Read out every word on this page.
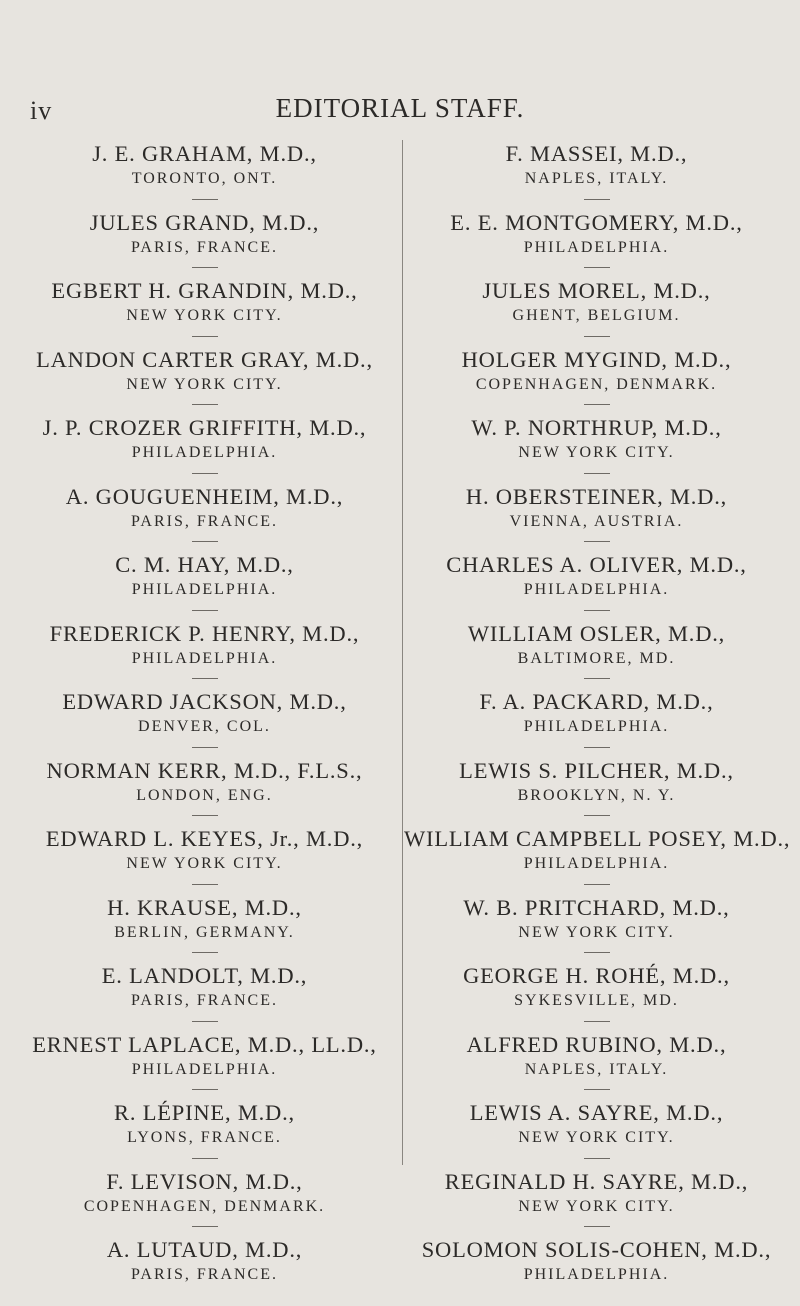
iv	EDITORIAL STAFF.
J. E. GRAHAM, M.D.,
TORONTO, ONT.
JULES GRAND, M.D.,
PARIS, FRANCE.
EGBERT H. GRANDIN, M.D.,
NEW YORK CITY.
LANDON CARTER GRAY, M.D.,
NEW YORK CITY.
J. P. CROZER GRIFFITH, M.D.,
PHILADELPHIA.
A. GOUGUENHEIM, M.D.,
PARIS, FRANCE.
C. M. HAY, M.D.,
PHILADELPHIA.
FREDERICK P. HENRY, M.D.,
PHILADELPHIA.
EDWARD JACKSON, M.D.,
DENVER, COL.
NORMAN KERR, M.D., F.L.S.,
LONDON, ENG.
EDWARD L. KEYES, Jr., M.D.,
NEW YORK CITY.
H. KRAUSE, M.D.,
BERLIN, GERMANY.
E. LANDOLT, M.D.,
PARIS, FRANCE.
ERNEST LAPLACE, M.D., LL.D.,
PHILADELPHIA.
R. LÉPINE, M.D.,
LYONS, FRANCE.
F. LEVISON, M.D.,
COPENHAGEN, DENMARK.
A. LUTAUD, M.D.,
PARIS, FRANCE.
F. MASSEI, M.D.,
NAPLES, ITALY.
E. E. MONTGOMERY, M.D.,
PHILADELPHIA.
JULES MOREL, M.D.,
GHENT, BELGIUM.
HOLGER MYGIND, M.D.,
COPENHAGEN, DENMARK.
W. P. NORTHRUP, M.D.,
NEW YORK CITY.
H. OBERSTEINER, M.D.,
VIENNA, AUSTRIA.
CHARLES A. OLIVER, M.D.,
PHILADELPHIA.
WILLIAM OSLER, M.D.,
BALTIMORE, MD.
F. A. PACKARD, M.D.,
PHILADELPHIA.
LEWIS S. PILCHER, M.D.,
BROOKLYN, N. Y.
WILLIAM CAMPBELL POSEY, M.D.,
PHILADELPHIA.
W. B. PRITCHARD, M.D.,
NEW YORK CITY.
GEORGE H. ROHÉ, M.D.,
SYKESVILLE, MD.
ALFRED RUBINO, M.D.,
NAPLES, ITALY.
LEWIS A. SAYRE, M.D.,
NEW YORK CITY.
REGINALD H. SAYRE, M.D.,
NEW YORK CITY.
SOLOMON SOLIS-COHEN, M.D.,
PHILADELPHIA.
